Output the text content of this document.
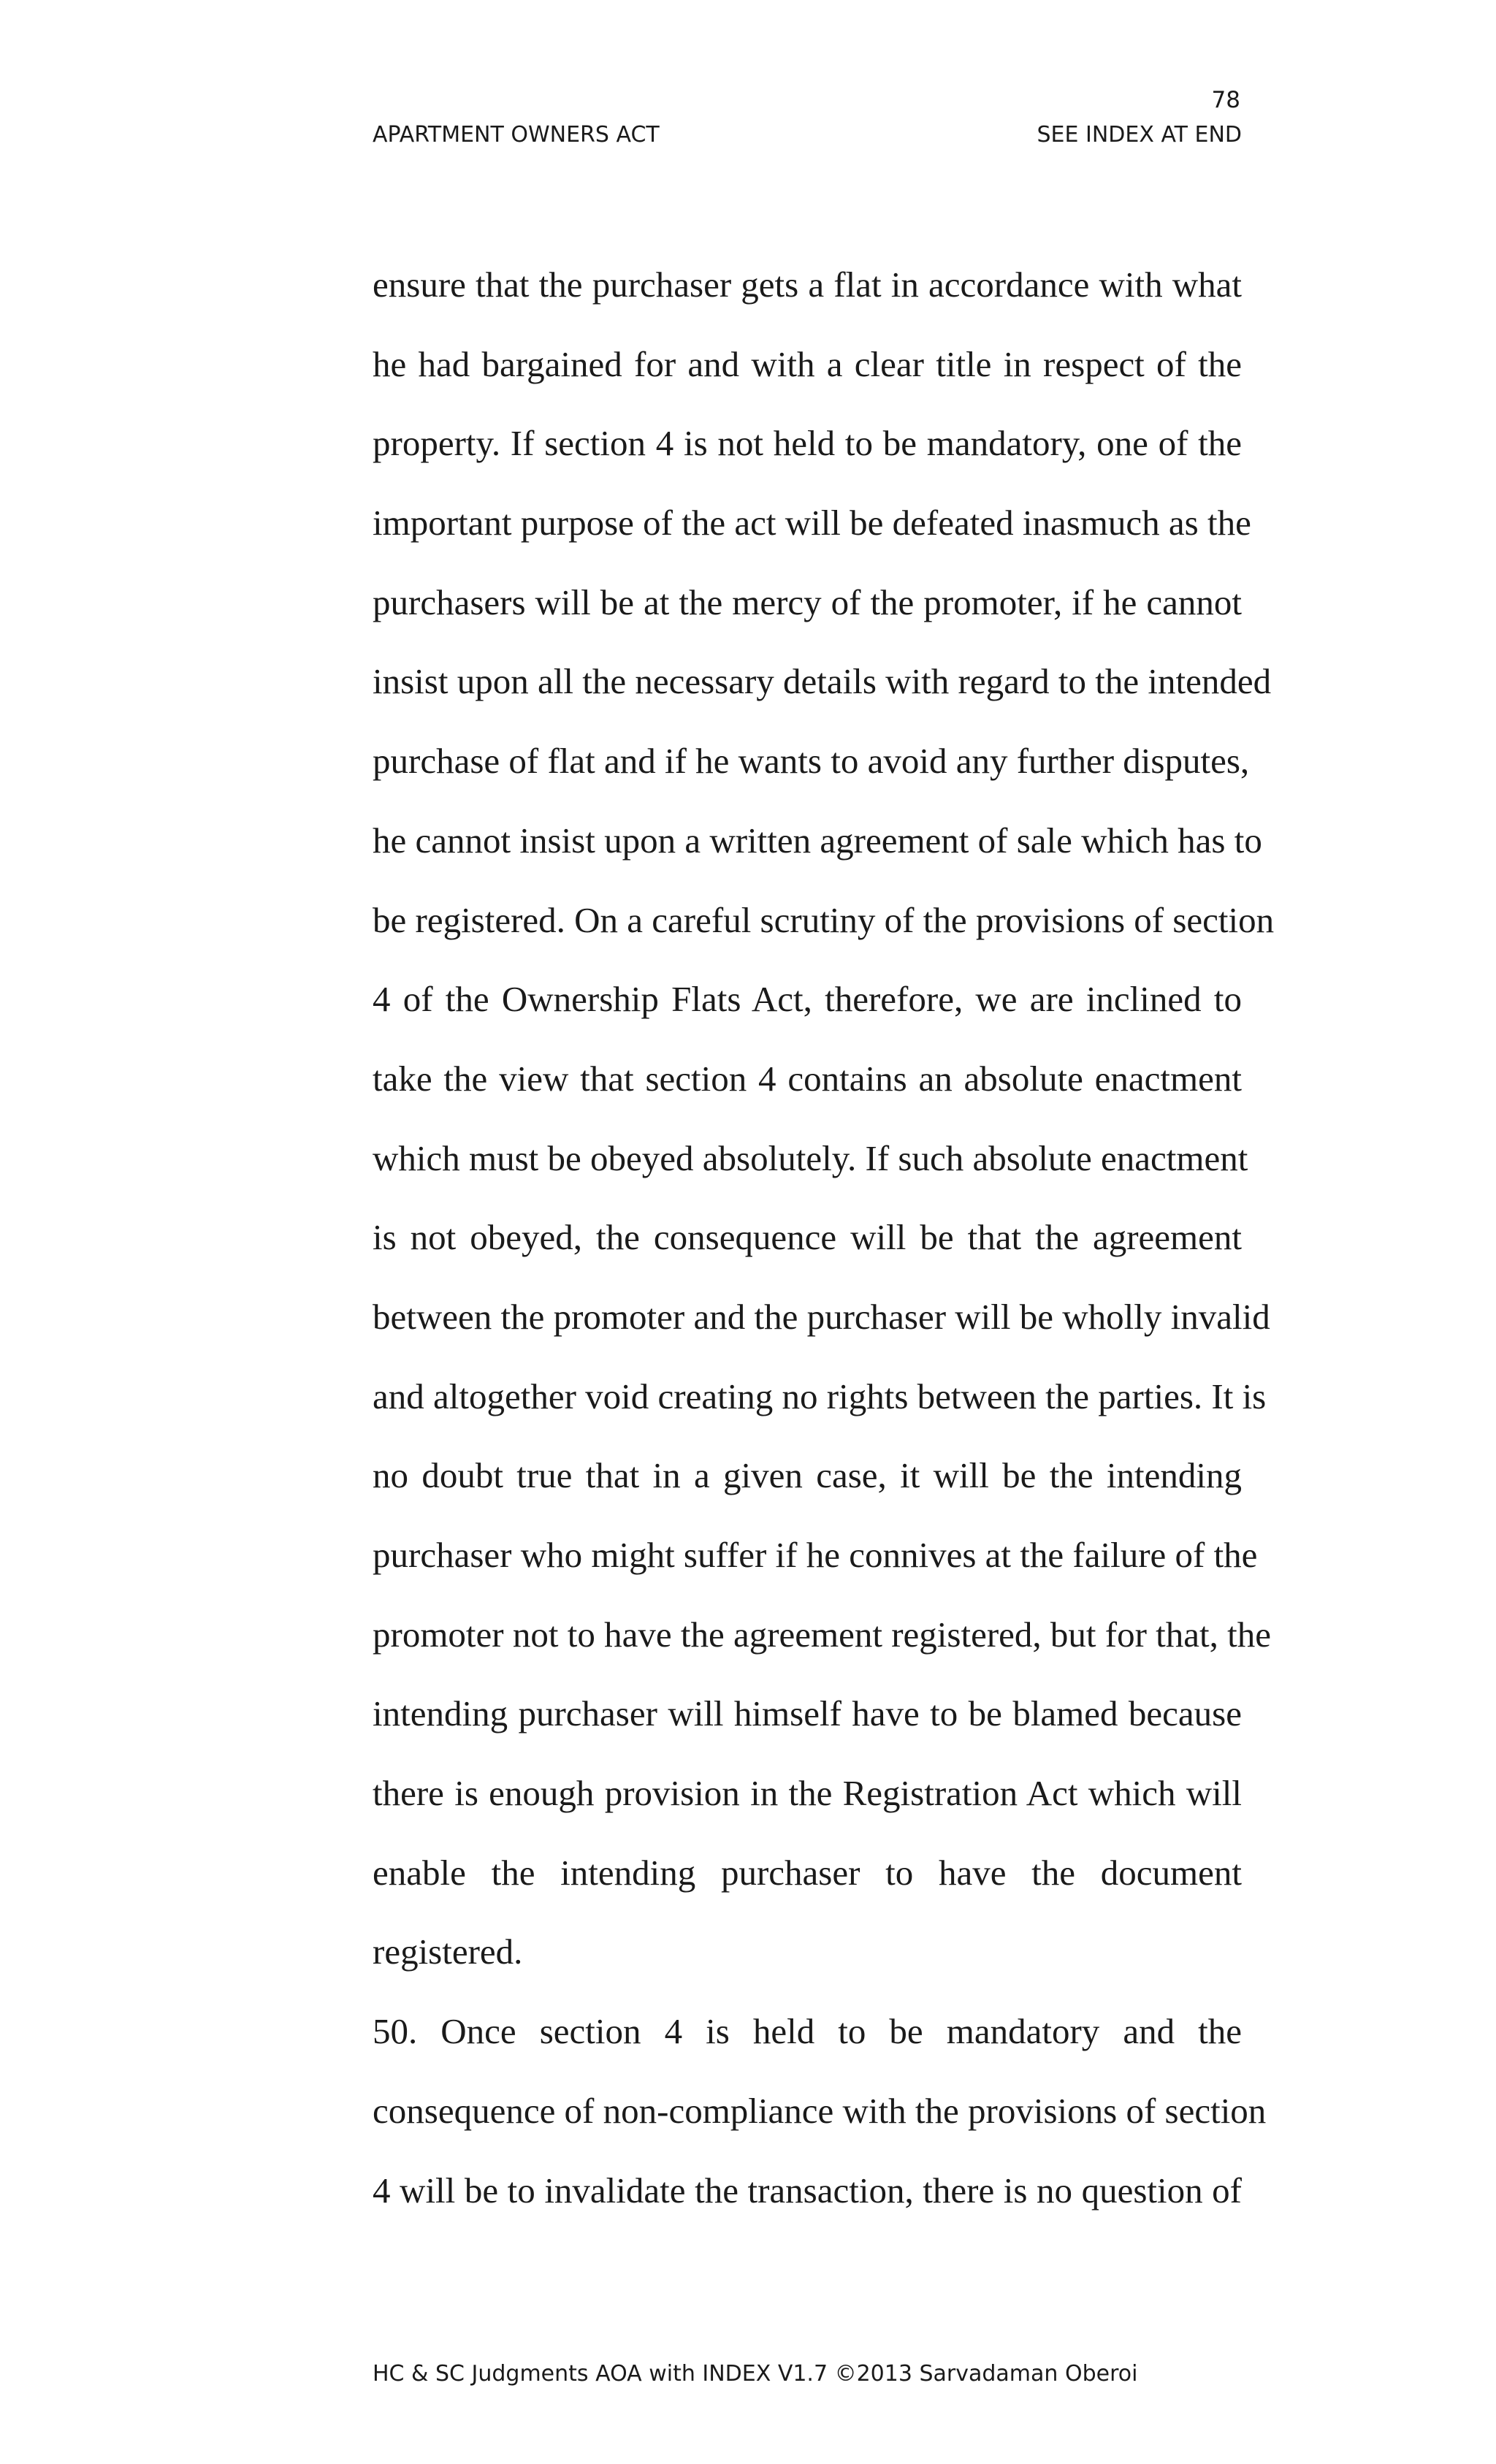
78
APARTMENT OWNERS ACT	SEE INDEX AT END
ensure that the purchaser gets a flat in accordance with what
he had bargained for and with a clear title in respect of the
property. If section 4 is not held to be mandatory, one of the
important purpose of the act will be defeated inasmuch as the
purchasers will be at the mercy of the promoter, if he cannot
insist upon all the necessary details with regard to the intended
purchase of flat and if he wants to avoid any further disputes,
he cannot insist upon a written agreement of sale which has to
be registered. On a careful scrutiny of the provisions of section
4 of the Ownership Flats Act, therefore, we are inclined to
take the view that section 4 contains an absolute enactment
which must be obeyed absolutely. If such absolute enactment
is not obeyed, the consequence will be that the agreement
between the promoter and the purchaser will be wholly invalid
and altogether void creating no rights between the parties. It is
no doubt true that in a given case, it will be the intending
purchaser who might suffer if he connives at the failure of the
promoter not to have the agreement registered, but for that, the
intending purchaser will himself have to be blamed because
there is enough provision in the Registration Act which will
enable the intending purchaser to have the document
registered.
50. Once section 4 is held to be mandatory and the
consequence of non-compliance with the provisions of section
4 will be to invalidate the transaction, there is no question of
HC & SC Judgments AOA with INDEX V1.7 ©2013 Sarvadaman Oberoi
